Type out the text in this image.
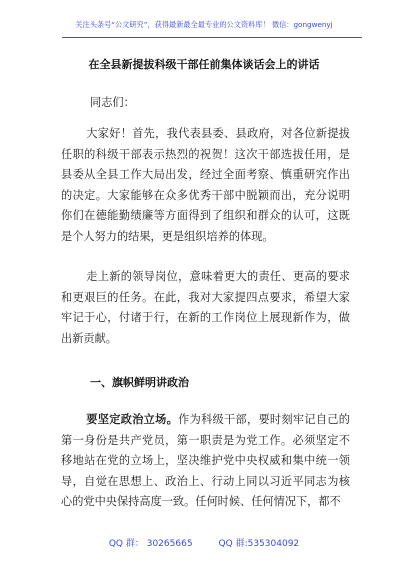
关注头条号“公文研究”，获得最新最全最专业的公文资料库！ 微信：gongwenyj
在全县新提拔科级干部任前集体谈话会上的讲话
同志们：
大家好！首先，我代表县委、县政府，对各位新提拔任职的科级干部表示热烈的祝贺！这次干部选拔任用，是县委从全县工作大局出发，经过全面考察、慎重研究作出的决定。大家能够在众多优秀干部中脱颖而出，充分说明你们在德能勤绩廉等方面得到了组织和群众的认可，这既是个人努力的结果，更是组织培养的体现。
走上新的领导岗位，意味着更大的责任、更高的要求和更艰巨的任务。在此，我对大家提四点要求，希望大家牢记于心，付诸于行，在新的工作岗位上展现新作为，做出新贡献。
一、旗帜鲜明讲政治
要坚定政治立场。作为科级干部，要时刻牢记自己的第一身份是共产党员，第一职责是为党工作。必须坚定不移地站在党的立场上，坚决维护党中央权威和集中统一领导，自觉在思想上、政治上、行动上同以习近平同志为核心的党中央保持高度一致。任何时候、任何情况下，都不
QQ 群： 30265665	QQ 群:535304092
